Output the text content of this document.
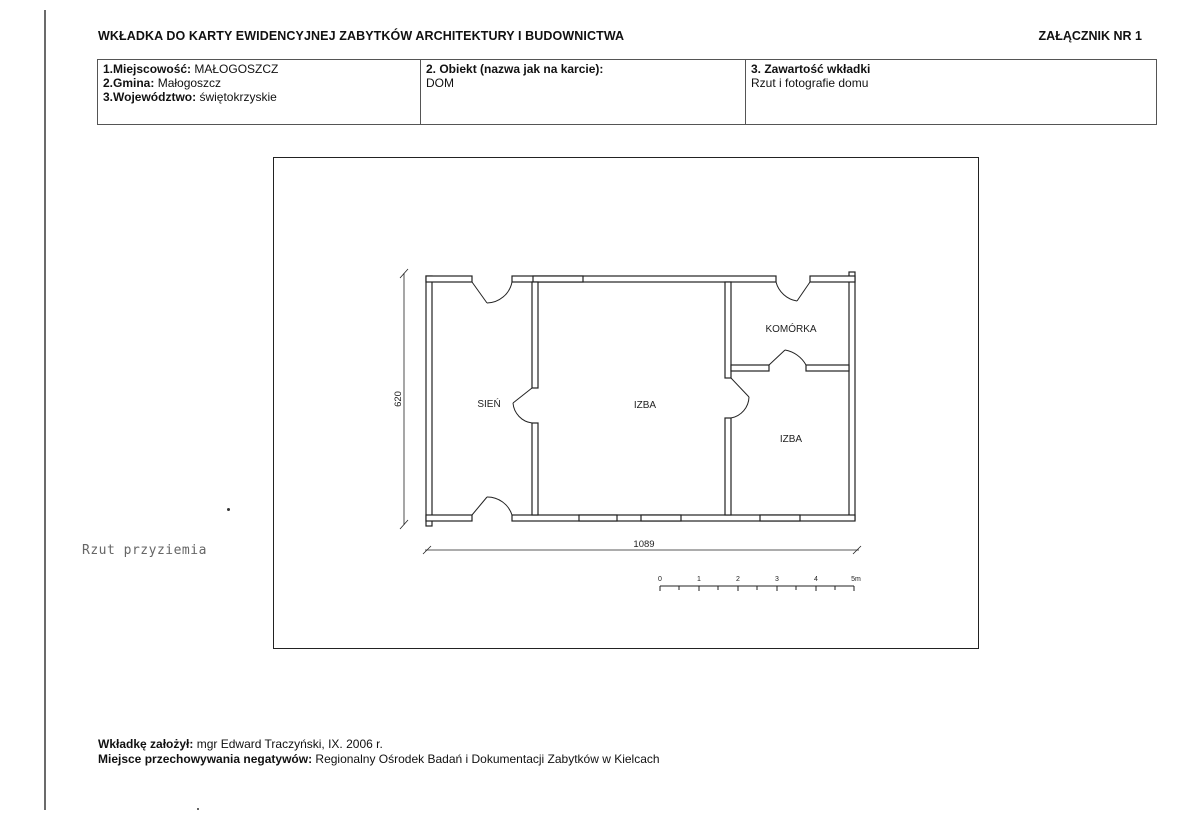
WKŁADKA DO KARTY EWIDENCYJNEJ ZABYTKÓW ARCHITEKTURY I BUDOWNICTWA	ZAŁĄCZNIK NR 1
1.Miejscowość: MAŁOGOSZCZ
2.Gmina: Małogoszcz
3.Województwo: świętokrzyskie

2. Obiekt (nazwa jak na karcie):
DOM

3. Zawartość wkładki
Rzut i fotografie domu
KOMÓRKA
SIEŃ	IZBA
IZBA
620
1089
0	1	2	3	4	5m
Rzut przyziemia
Wkładkę założył: mgr Edward Traczyński, IX. 2006 r.
Miejsce przechowywania negatywów: Regionalny Ośrodek Badań i Dokumentacji Zabytków w Kielcach
